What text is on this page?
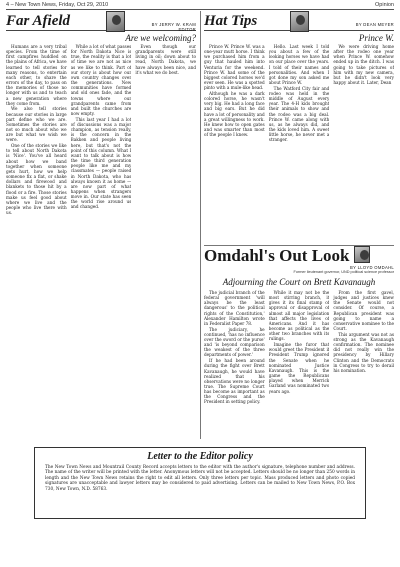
4 – New Town News, Friday, Oct 29, 2010	Opinion
Far Afield	BY JERRY W. KRAM
EDITOR
Are we welcoming?

Humans are a very tribal species. From the time of first campfires huddled on the plains of Africa, we have learned to tell stories for many reasons, to entertain each other, to share the errors of the day, to pass on the memories of those no longer with us and to teach a new generation where they come from.

We also tell stories because our stories in large part define who we are. Sometimes the stories are not so much about who we are but what we wish we were.

One of the stories we like to tell about North Dakota is 'Nice'. You've all heard about how we band together when someone gets hurt, how we help someone fix a flat, or shake dollars and firewood and blankets to those hit by a flood or a fire. Those stories make us feel good about where we live and the people who live there with us.

While a lot of what passes for North Dakota Nice is true, the reality is that a lot of time we are not as nice as we like to think. Part of our story is about how our own country changes over the generations. New communities have formed and old ones fade, and the towns where our grandparents came from and built the churches are now empty.

This last year I had a lot of discussions was a major champion, as tension really, is the concern in the Bakken and people living here, but that's not the point of this column. What I want to talk about is how the time third generation people like me and my classmates — people raised in North Dakota, who has always known it as home — are now part of what happens when strangers move in. Our state has seen the world rise around us and changed.

Even though our grandparents were still living in oil; down about to read, North Dakota, we have always been nice, and it's what we do best.

Hat Tips	BY DEAN MEYER
Prince W.

Prince W. Prince W. was a one-year mutt horse. I think we purchased him from a guy that hauled him into Venturia for the weekend. Prince W. had some of the biggest colored horses we'd ever seen. He was a spotted pinto with a mule-like head.

Although he was a dark colored horse, he wasn't very big. He had a long face and big ears. But he did have a lot of personality and a great willingness to work. He knew how to open gates and was smarter than most of the people I knew.

Hello. Last week I told you about a few of the looking horses we have had on our place over the years. I told of their names and personalities. And when I got done my son asked me about Prince W.

The Watford City fair and rodeo was held in the middle of August every year. The 4-H kids brought their animals to show and the rodeo was a big deal. Prince W. came along with us, as he always did, and the kids loved him. A sweet little horse, he never met a stranger.

We were driving home after the rodeo one year when Prince W. somehow ended up in the ditch. I was going to take pictures of him with my new camera, but he didn't look very happy about it. Later, Dean

Omdahl's Out Look
BY LLOYD OMDAHL
Former lieutenant governor, UND political science professor
Adjourning the Court on Brett Kavanaugh

The judicial branch of the federal government 'will always be the least dangerous' to the political rights of the Constitution,' Alexander Hamilton wrote in Federalist Paper 78.

The judiciary, he continued, 'has no influence over the sword or the purse' and 'is beyond comparison the weakest of the three departments of power.'

If he had been around during the fight over Brett Kavanaugh, he would have realized that his observations were no longer true. The Supreme Court has become as important as the Congress and the President in setting policy.

While it may not be the most stirring branch, it gives it its final stamp of approval or disapproval of almost all major legislation that affects the lives of Americans. And it has become as political as the other two branches with its rulings.

Imagine the furor that would greet the President if President Trump ignored the Senate when he nominated Justice Kavanaugh. This is the game the Republicans played when Merrick Garland was nominated two years ago.

From the first gavel, judges and justices knew the Senate would not consider. Of course, a Republican president was going to name a conservative nominee to the Court.

This argument was not as strong as the Kavanaugh confirmation. The nominee did not really win the presidency by Hillary Clinton and the Democrats in Congress to try to derail his nomination.

Letter to the Editor policy
The New Town News and Mountrail County Record accepts letters to the editor with the author's signature, telephone number and address. The name of the writer will be printed with the letter. Anonymous letters will not be accepted. Letters should be no longer than 250 words in length and the New Town News retains the right to edit all letters. Only three letters per topic. Mass produced letters and photo copied signatures are unacceptable and lawyer letters may be considered to paid advertising. Letters can be mailed to New Town News, P.O. Box 730, New Town, N.D. 58763.
